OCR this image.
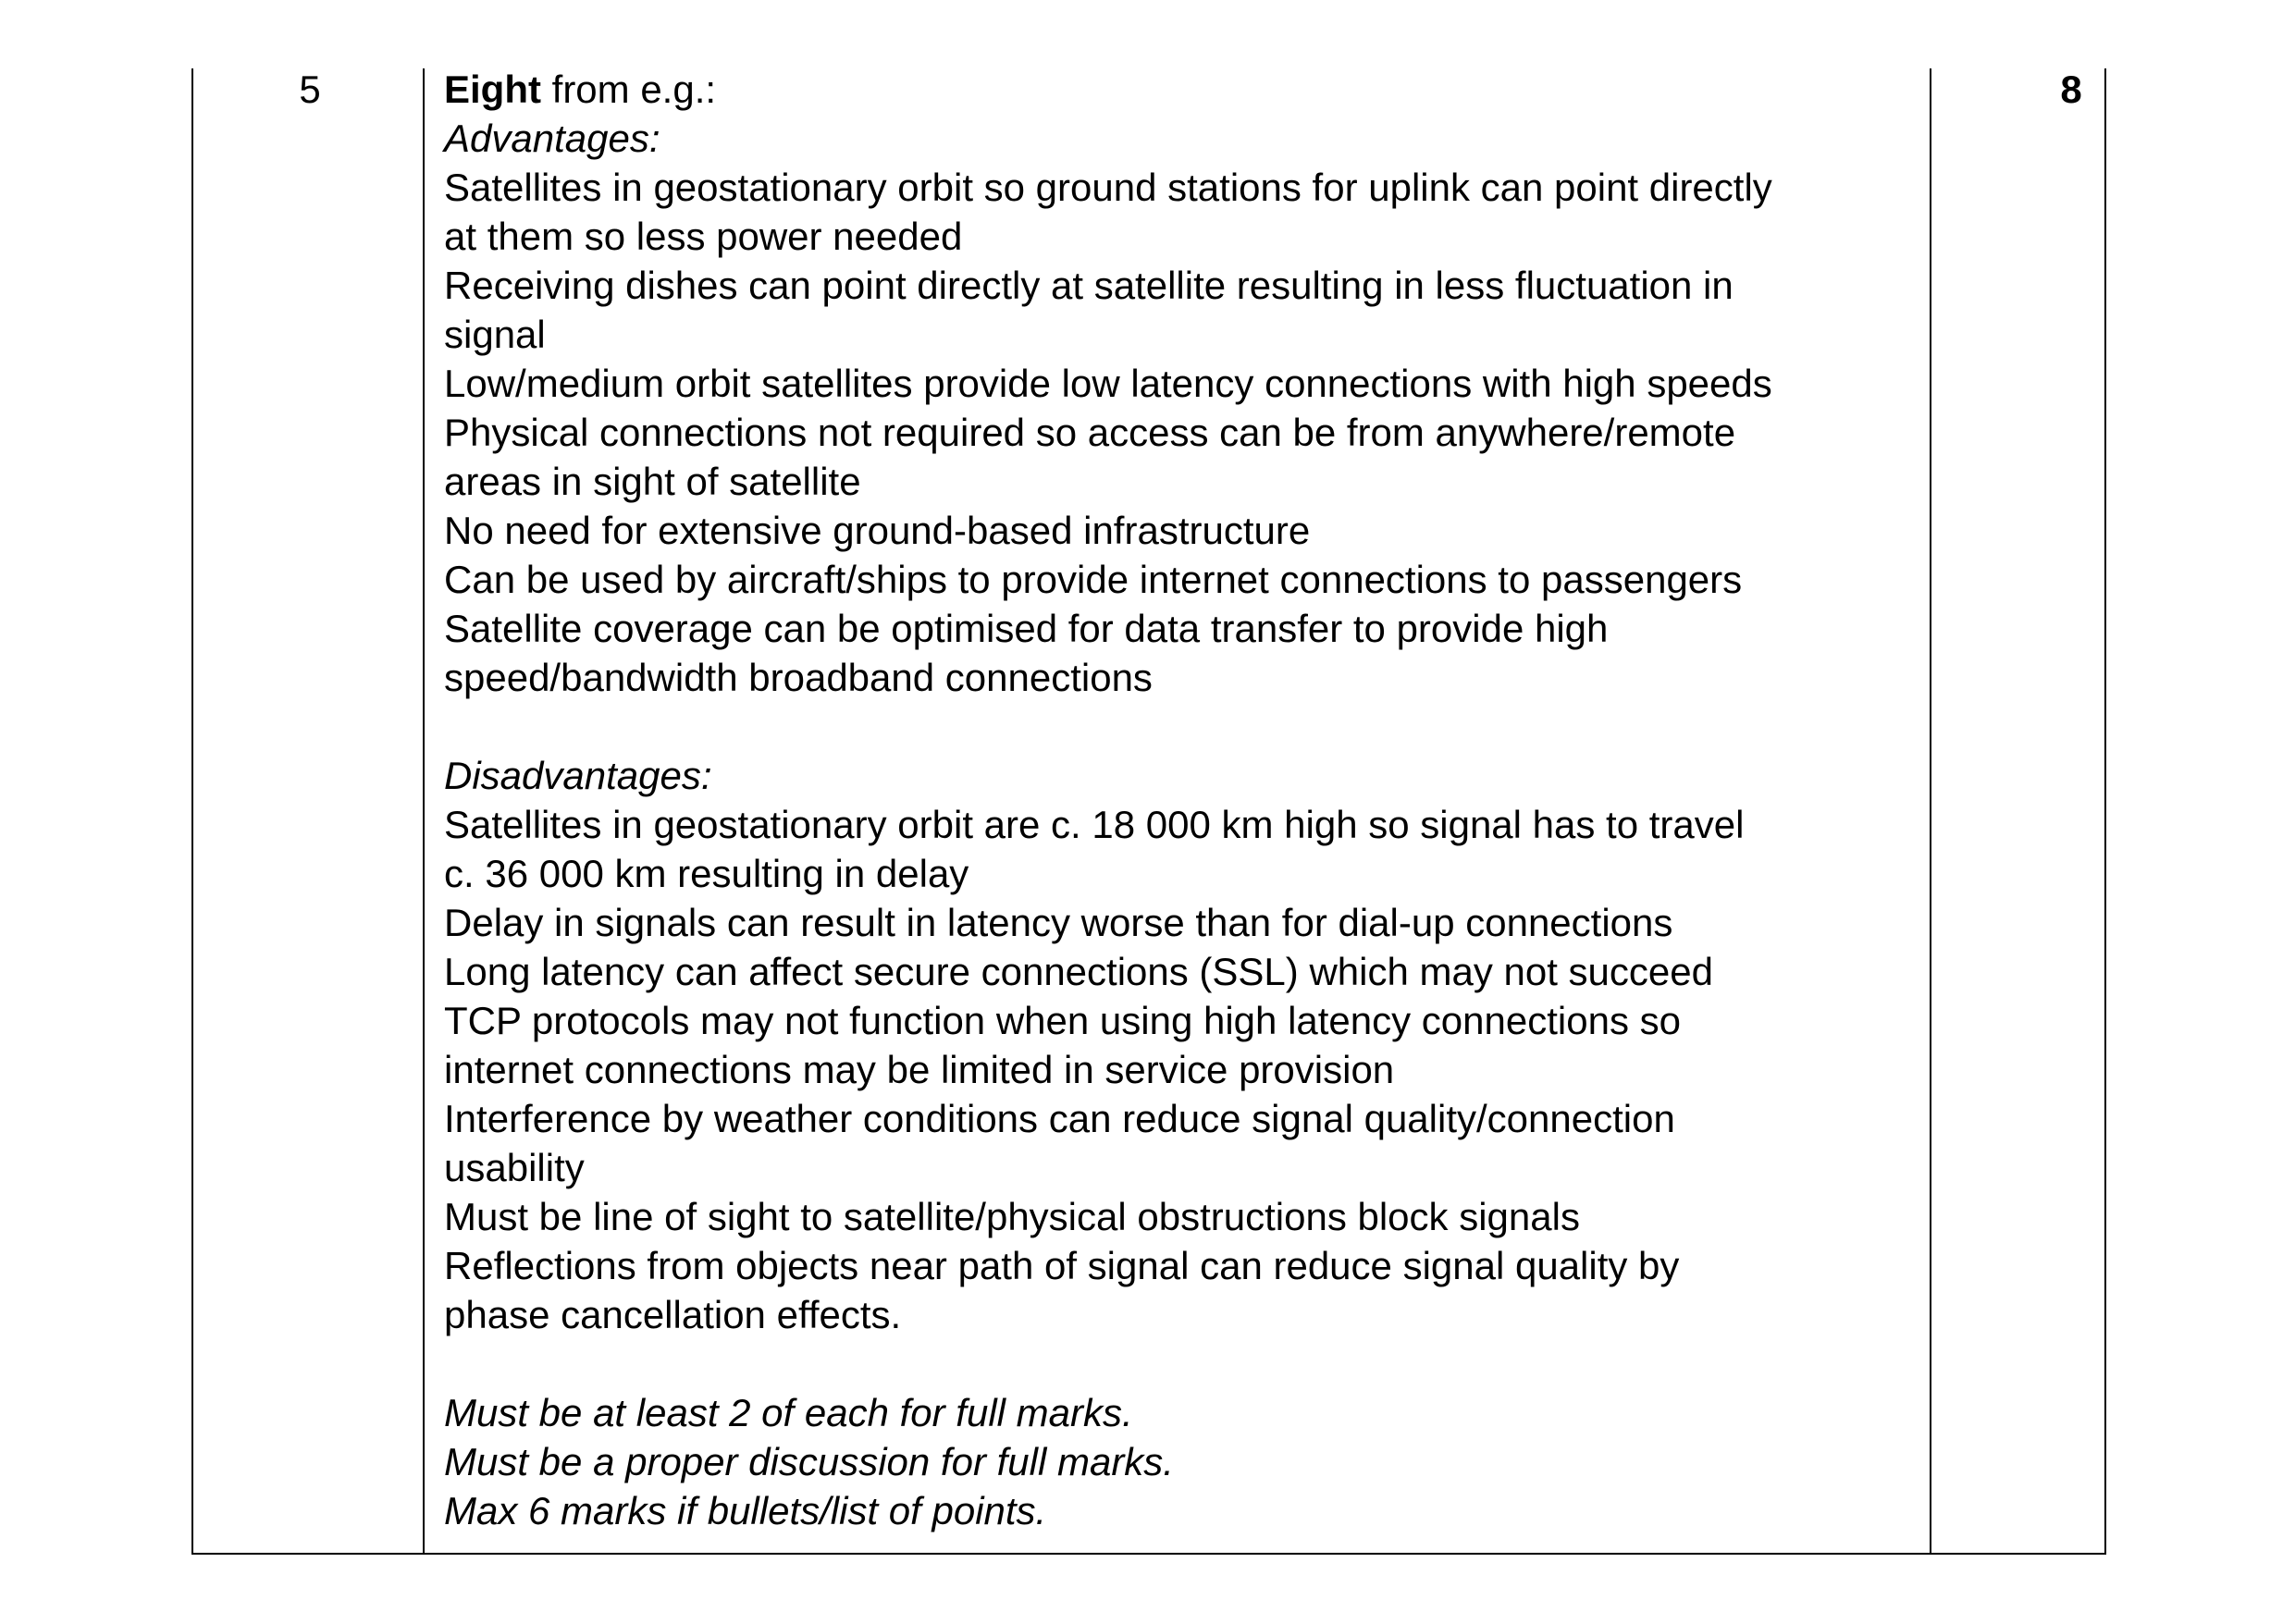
5	Eight from e.g.:
Advantages:
Satellites in geostationary orbit so ground stations for uplink can point directly
at them so less power needed
Receiving dishes can point directly at satellite resulting in less fluctuation in
signal
Low/medium orbit satellites provide low latency connections with high speeds
Physical connections not required so access can be from anywhere/remote
areas in sight of satellite
No need for extensive ground-based infrastructure
Can be used by aircraft/ships to provide internet connections to passengers
Satellite coverage can be optimised for data transfer to provide high
speed/bandwidth broadband connections
Disadvantages:
Satellites in geostationary orbit are c. 18 000 km high so signal has to travel
c. 36 000 km resulting in delay
Delay in signals can result in latency worse than for dial-up connections
Long latency can affect secure connections (SSL) which may not succeed
TCP protocols may not function when using high latency connections so
internet connections may be limited in service provision
Interference by weather conditions can reduce signal quality/connection
usability
Must be line of sight to satellite/physical obstructions block signals
Reflections from objects near path of signal can reduce signal quality by
phase cancellation effects.
Must be at least 2 of each for full marks.
Must be a proper discussion for full marks.
Max 6 marks if bullets/list of points.
8
